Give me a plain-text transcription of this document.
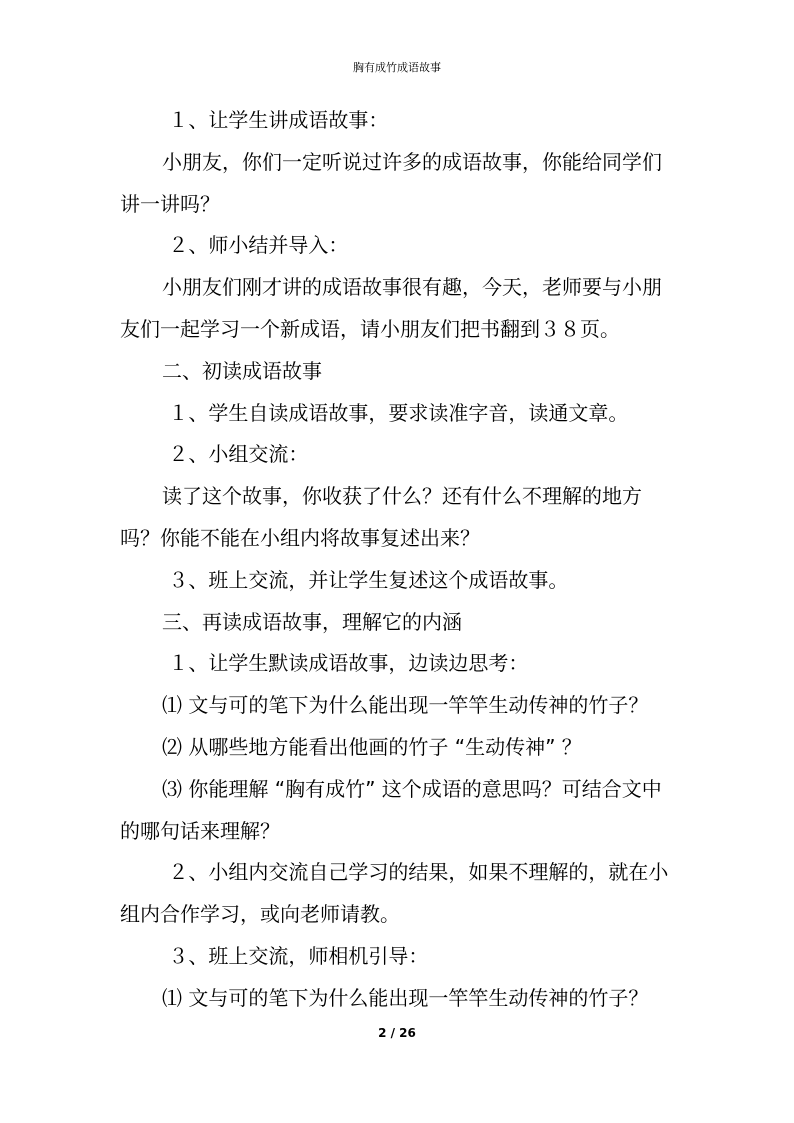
胸有成竹成语故事

１、让学生讲成语故事：

小朋友，你们一定听说过许多的成语故事，你能给同学们讲一讲吗？

２、师小结并导入：

小朋友们刚才讲的成语故事很有趣，今天，老师要与小朋友们一起学习一个新成语，请小朋友们把书翻到３８页。

二、初读成语故事

１、学生自读成语故事，要求读准字音，读通文章。

２、小组交流：

读了这个故事，你收获了什么？还有什么不理解的地方吗？你能不能在小组内将故事复述出来？

３、班上交流，并让学生复述这个成语故事。

三、再读成语故事，理解它的内涵

１、让学生默读成语故事，边读边思考：

⑴ 文与可的笔下为什么能出现一竿竿生动传神的竹子？

⑵ 从哪些地方能看出他画的竹子 “生动传神” ？

⑶ 你能理解 “胸有成竹” 这个成语的意思吗？可结合文中的哪句话来理解？

２、小组内交流自己学习的结果，如果不理解的，就在小组内合作学习，或向老师请教。

３、班上交流，师相机引导：

⑴ 文与可的笔下为什么能出现一竿竿生动传神的竹子？

2 / 26
